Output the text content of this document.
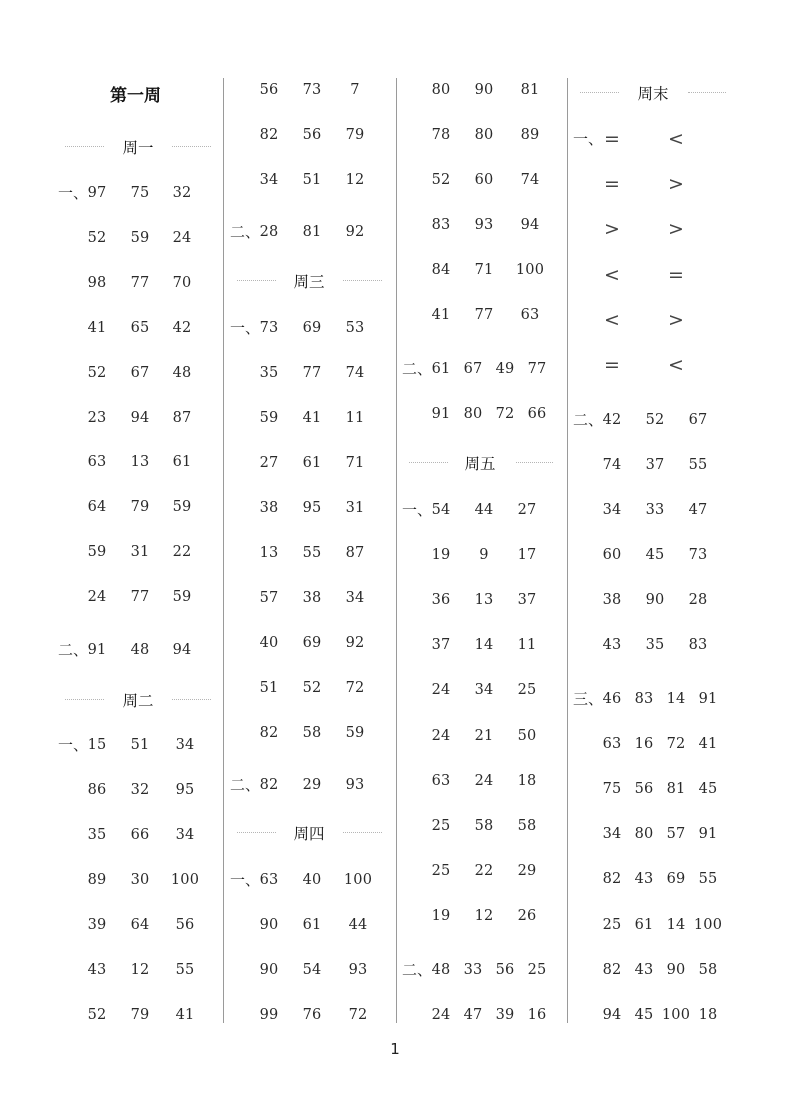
第一周
1
周一
一、 97 75 32
52 59 24
98 77 70
41 65 42
52 67 48
23 94 87
63 13 61
64 79 59
59 31 22
24 77 59
二、 91 48 94
周二
一、 15 51 34
86 32 95
35 66 34
89 30 100
39 64 56
43 12 55
52 79 41
56 73 7
82 56 79
34 51 12
二、 28 81 92
周三
一、 73 69 53
35 77 74
59 41 11
27 61 71
38 95 31
13 55 87
57 38 34
40 69 92
51 52 72
82 58 59
二、 82 29 93
周四
一、 63 40 100
90 61 44
90 54 93
99 76 72
80 90 81
78 80 89
52 60 74
83 93 94
84 71 100
41 77 63
二、 61 67 49 77
91 80 72 66
周五
一、 54 44 27
19 9 17
36 13 37
37 14 11
24 34 25
24 21 50
63 24 18
25 58 58
25 22 29
19 12 26
二、 48 33 56 25
24 47 39 16
周末
一、 =	<
=	>
>	>
<	=
<	>
=	<
二、 42 52 67
74 37 55
34 33 47
60 45 73
38 90 28
43 35 83
三、 46 83 14 91
63 16 72 41
75 56 81 45
34 80 57 91
82 43 69 55
25 61 14 100
82 43 90 58
94 45 100 18
